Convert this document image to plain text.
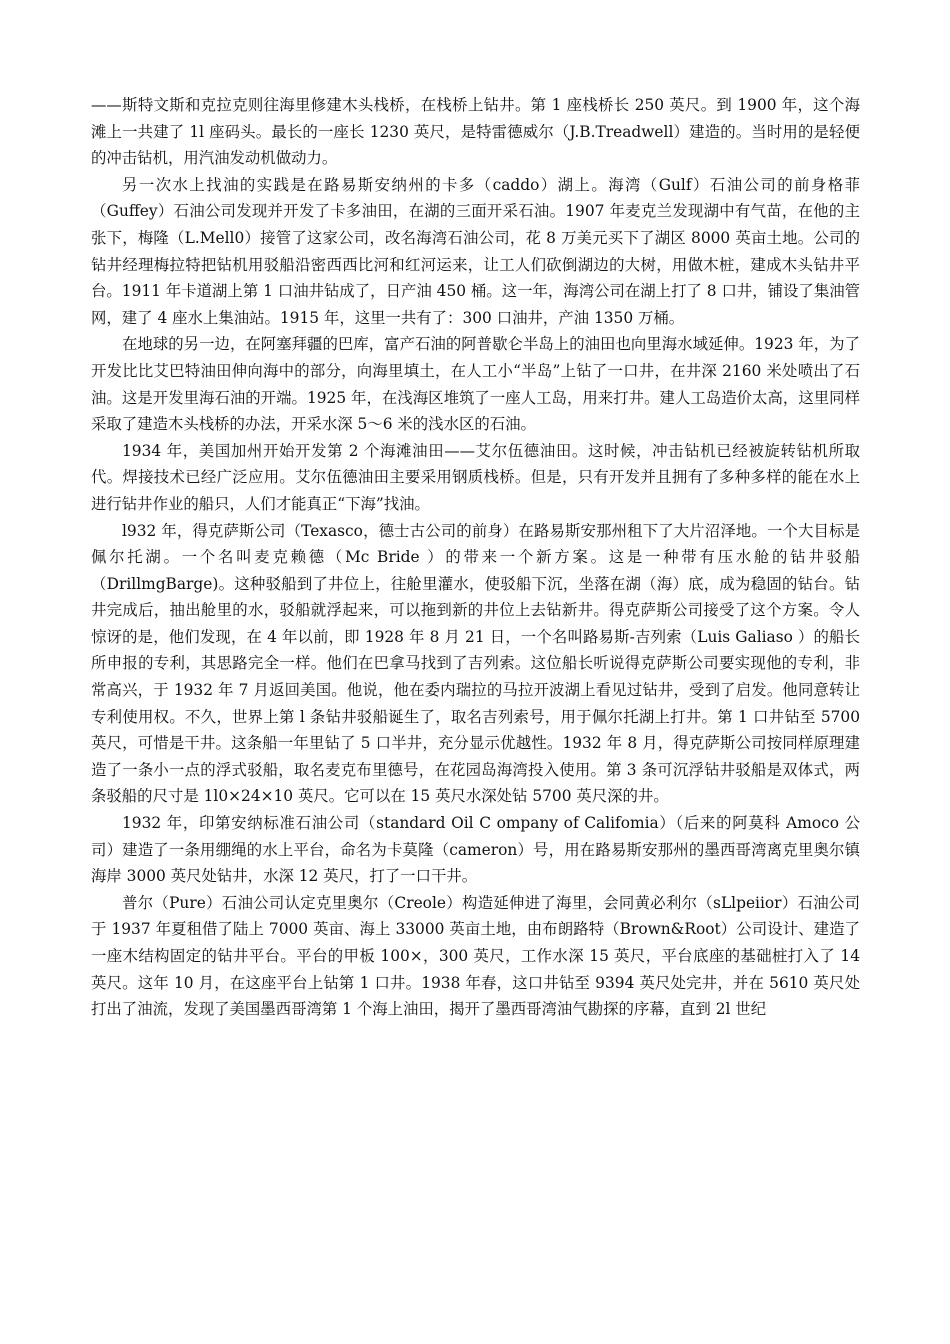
——斯特文斯和克拉克则往海里修建木头栈桥，在栈桥上钻井。第 1 座栈桥长 250 英尺。到 1900 年，这个海滩上一共建了 1l 座码头。最长的一座长 1230 英尺，是特雷德威尔（J.B.Treadwell）建造的。当时用的是轻便的冲击钻机，用汽油发动机做动力。

另一次水上找油的实践是在路易斯安纳州的卡多（caddo）湖上。海湾（Gulf）石油公司的前身格菲（Guffey）石油公司发现并开发了卡多油田，在湖的三面开采石油。1907 年麦克兰发现湖中有气苗，在他的主张下，梅隆（L.Mell0）接管了这家公司，改名海湾石油公司，花 8 万美元买下了湖区 8000 英亩土地。公司的钻井经理梅拉特把钻机用驳船沿密西西比河和红河运来，让工人们砍倒湖边的大树，用做木桩，建成木头钻井平台。1911 年卡道湖上第 1 口油井钻成了，日产油 450 桶。这一年，海湾公司在湖上打了 8 口井，铺设了集油管网，建了 4 座水上集油站。1915 年，这里一共有了：300 口油井，产油 1350 万桶。

在地球的另一边，在阿塞拜疆的巴库，富产石油的阿普歇仑半岛上的油田也向里海水域延伸。1923 年，为了开发比比艾巴特油田伸向海中的部分，向海里填土，在人工小“半岛”上钻了一口井，在井深 2160 米处喷出了石油。这是开发里海石油的开端。1925 年，在浅海区堆筑了一座人工岛，用来打井。建人工岛造价太高，这里同样采取了建造木头栈桥的办法，开采水深 5～6 米的浅水区的石油。

1934 年，美国加州开始开发第 2 个海滩油田——艾尔伍德油田。这时候，冲击钻机已经被旋转钻机所取代。焊接技术已经广泛应用。艾尔伍德油田主要采用钢质栈桥。但是，只有开发并且拥有了多种多样的能在水上进行钻井作业的船只，人们才能真正“下海”找油。

l932 年，得克萨斯公司（Texasco，德士古公司的前身）在路易斯安那州租下了大片沼泽地。一个大目标是佩尔托湖。一个名叫麦克赖德（Mc Bride ）的带来一个新方案。这是一种带有压水舱的钻井驳船（DrillmgBarge)。这种驳船到了井位上，往舱里灌水，使驳船下沉，坐落在湖（海）底，成为稳固的钻台。钻井完成后，抽出舱里的水，驳船就浮起来，可以拖到新的井位上去钻新井。得克萨斯公司接受了这个方案。令人惊讶的是，他们发现，在 4 年以前，即 1928 年 8 月 21 日，一个名叫路易斯-吉列索（Luis Galiaso ）的船长所申报的专利，其思路完全一样。他们在巴拿马找到了吉列索。这位船长听说得克萨斯公司要实现他的专利，非常高兴，于 1932 年 7 月返回美国。他说，他在委内瑞拉的马拉开波湖上看见过钻井，受到了启发。他同意转让专利使用权。不久，世界上第 l 条钻井驳船诞生了，取名吉列索号，用于佩尔托湖上打井。第 1 口井钻至 5700 英尺，可惜是干井。这条船一年里钻了 5 口半井，充分显示优越性。1932 年 8 月，得克萨斯公司按同样原理建造了一条小一点的浮式驳船，取名麦克布里德号，在花园岛海湾投入使用。第 3 条可沉浮钻井驳船是双体式，两条驳船的尺寸是 1l0×24×10 英尺。它可以在 15 英尺水深处钻 5700 英尺深的井。

1932 年，印第安纳标准石油公司（standard Oil C ompany of Califomia）（后来的阿莫科 Amoco 公司）建造了一条用绷绳的水上平台，命名为卡莫隆（cameron）号，用在路易斯安那州的墨西哥湾离克里奥尔镇海岸 3000 英尺处钻井，水深 12 英尺，打了一口干井。

普尔（Pure）石油公司认定克里奥尔（Creole）构造延伸进了海里，会同黄必利尔（sLlpeiior）石油公司于 1937 年夏租借了陆上 7000 英亩、海上 33000 英亩土地，由布朗路特（Brown&Root）公司设计、建造了一座木结构固定的钻井平台。平台的甲板 100×，300 英尺，工作水深 15 英尺，平台底座的基础桩打入了 14 英尺。这年 10 月，在这座平台上钻第 1 口井。1938 年春，这口井钻至 9394 英尺处完井，并在 5610 英尺处打出了油流，发现了美国墨西哥湾第 1 个海上油田，揭开了墨西哥湾油气勘探的序幕，直到 2l 世纪
